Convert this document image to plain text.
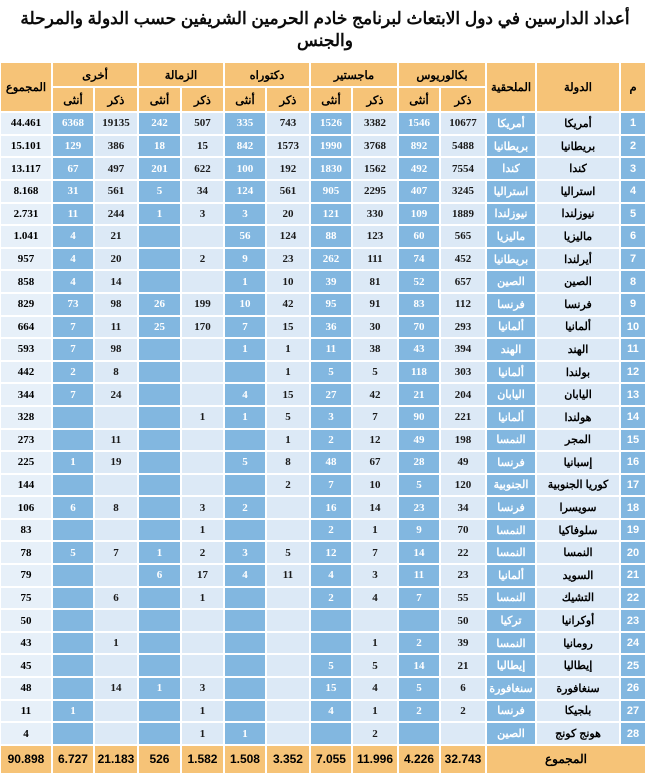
أعداد الدارسين في دول الابتعاث لبرنامج خادم الحرمين الشريفين حسب الدولة والمرحلة والجنس
م	الدولة	الملحقية	بكالوريوس		ماجستير		دكتوراه		الزمالة		أخرى		المجموع
			ذكر	أنثى	ذكر	أنثى	ذكر	أنثى	ذكر	أنثى	ذكر	أنثى	
1	أمريكا	أمريكا	10677	1546	3382	1526	743	335	507	242	19135	6368	44.461
2	بريطانيا	بريطانيا	5488	892	3768	1990	1573	842	15	18	386	129	15.101
3	كندا	كندا	7554	492	1562	1830	192	100	622	201	497	67	13.117
4	استراليا	استراليا	3245	407	2295	905	561	124	34	5	561	31	8.168
5	نيوزلندا	نيوزلندا	1889	109	330	121	20	3	3	1	244	11	2.731
6	ماليزيا	ماليزيا	565	60	123	88	124	56			21	4	1.041
7	أيرلندا	بريطانيا	452	74	111	262	23	9	2		20	4	957
8	الصين	الصين	657	52	81	39	10	1			14	4	858
9	فرنسا	فرنسا	112	83	91	95	42	10	199	26	98	73	829
10	ألمانيا	ألمانيا	293	70	30	36	15	7	170	25	11	7	664
11	الهند	الهند	394	43	38	11	1	1			98	7	593
12	بولندا	ألمانيا	303	118	5	5	1				8	2	442
13	اليابان	اليابان	204	21	42	27	15	4			24	7	344
14	هولندا	ألمانيا	221	90	7	3	5	1	1				328
15	المجر	النمسا	198	49	12	2	1				11		273
16	إسبانيا	فرنسا	49	28	67	48	8	5			19	1	225
17	كوريا الجنوبية	الجنوبية	120	5	10	7	2						144
18	سويسرا	فرنسا	34	23	14	16		2	3		8	6	106
19	سلوفاكيا	النمسا	70	9	1	2			1				83
20	النمسا	النمسا	22	14	7	12	5	3	2	1	7	5	78
21	السويد	ألمانيا	23	11	3	4	11	4	17	6			79
22	التشيك	النمسا	55	7	4	2			1		6		75
23	أوكرانيا	تركيا	50										50
24	رومانيا	النمسا	39	2	1						1		43
25	إيطاليا	إيطاليا	21	14	5	5							45
26	سنغافورة	سنغافورة	6	5	4	15			3	1	14		48
27	بلجيكا	فرنسا	2	2	1	4			1			1	11
28	هونج كونج	الصين			2			1	1				4
المجموع			32.743	4.226	11.996	7.055	3.352	1.508	1.582	526	21.183	6.727	90.898
